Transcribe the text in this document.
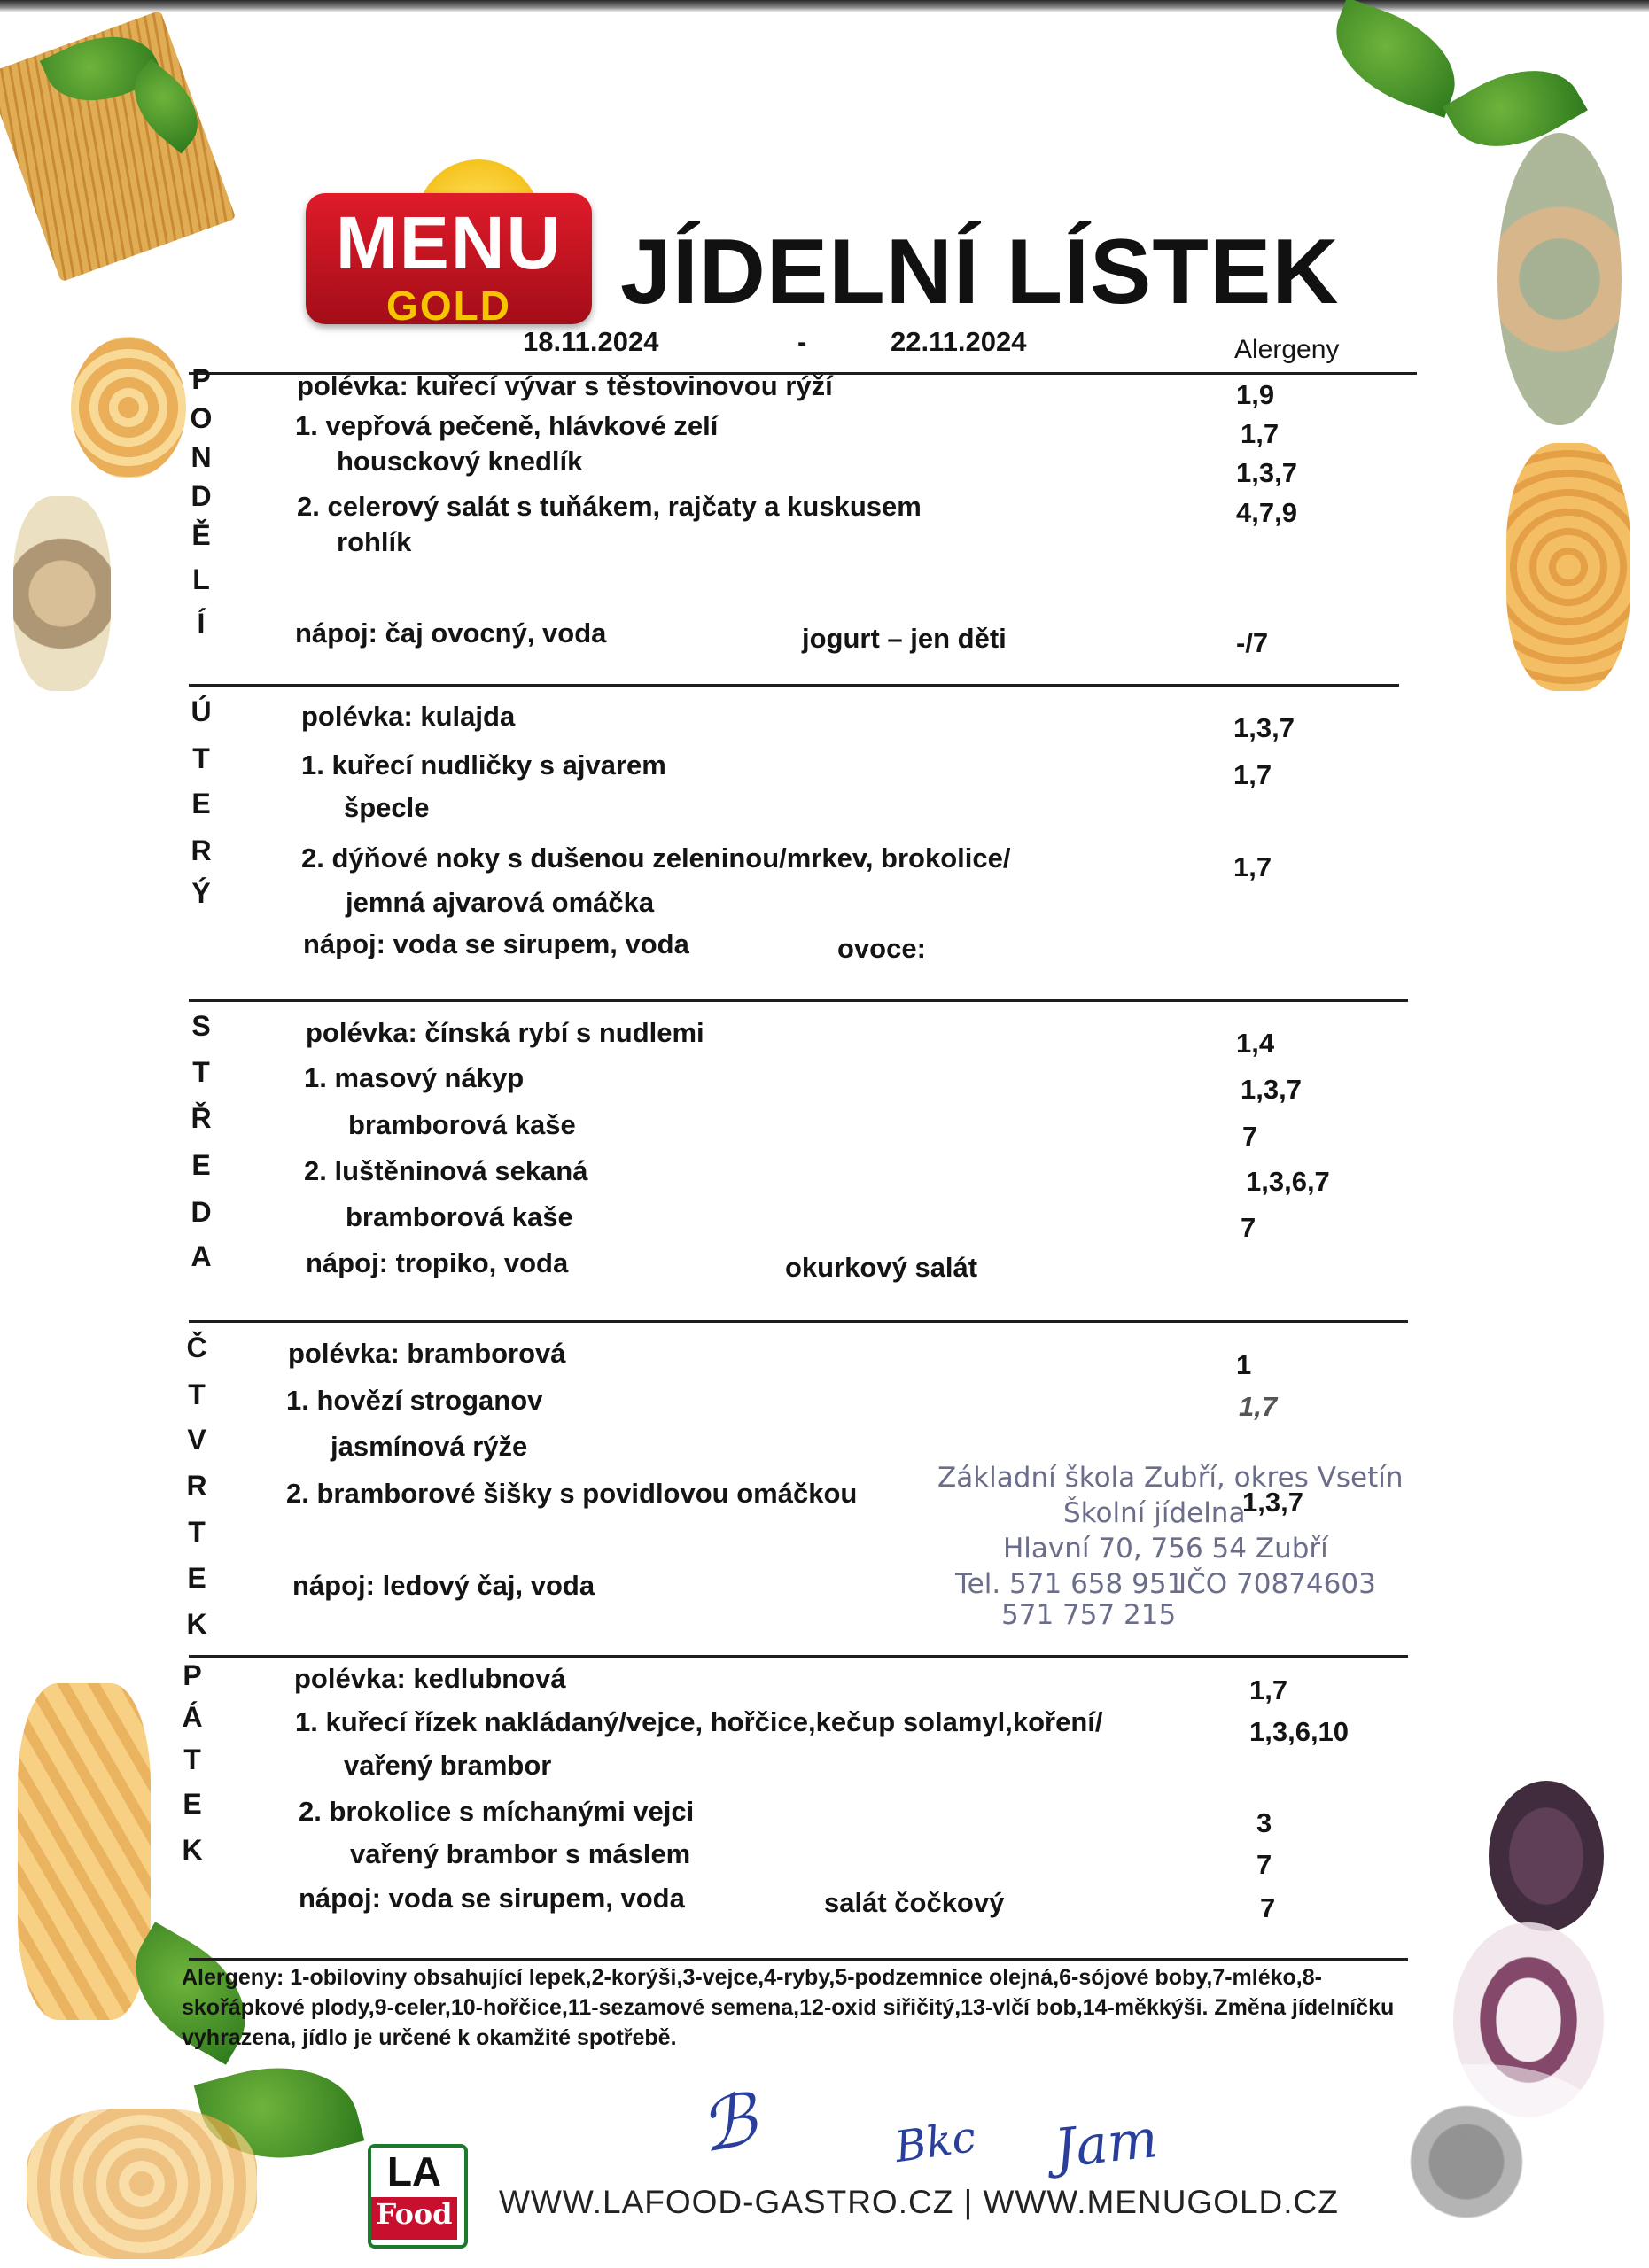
MENU
GOLD	JÍDELNÍ LÍSTEK
18.11.2024	-	22.11.2024	Alergeny
P
O
N
D
Ě
L
Í
polévka: kuřecí vývar s těstovinovou rýží	1,9
1. vepřová pečeně, hlávkové zelí	1,7
housckový knedlík	1,3,7
2. celerový salát s tuňákem, rajčaty a kuskusem	4,7,9
rohlík
nápoj: čaj ovocný, voda	jogurt – jen děti	-/7
Ú
T
E
R
Ý
polévka: kulajda	1,3,7
1. kuřecí nudličky s ajvarem	1,7
špecle
2. dýňové noky s dušenou zeleninou/mrkev, brokolice/	1,7
jemná ajvarová omáčka
nápoj: voda se sirupem, voda	ovoce:
S
T
Ř
E
D
A
polévka: čínská rybí s nudlemi	1,4
1. masový nákyp	1,3,7
bramborová kaše	7
2. luštěninová sekaná	1,3,6,7
bramborová kaše	7
nápoj: tropiko, voda	okurkový salát
Č
T
V
R
T
E
K
polévka: bramborová	1
1. hovězí stroganov	1,7
jasmínová rýže
2. bramborové šišky s povidlovou omáčkou	1,3,7
nápoj: ledový čaj, voda
Základní škola Zubří, okres Vsetín
Školní jídelna
Hlavní 70, 756 54 Zubří
Tel. 571 658 951
IČO 70874603
571 757 215
P
Á
T
E
K
polévka: kedlubnová	1,7
1. kuřecí řízek nakládaný/vejce, hořčice,kečup solamyl,koření/	1,3,6,10
vařený brambor
2. brokolice s míchanými vejci	3
vařený brambor s máslem	7
nápoj: voda se sirupem, voda	salát čočkový	7
Alergeny: 1-obiloviny obsahující lepek,2-korýši,3-vejce,4-ryby,5-podzemnice olejná,6-sójové boby,7-mléko,8-skořápkové plody,9-celer,10-hořčice,11-sezamové semena,12-oxid siřičitý,13-vlčí bob,14-měkkýši. Změna jídelníčku vyhrazena, jídlo je určené k okamžité spotřebě.
ℬ	Bkc Jam
LA
Food WWW.LAFOOD-GASTRO.CZ | WWW.MENUGOLD.CZ
